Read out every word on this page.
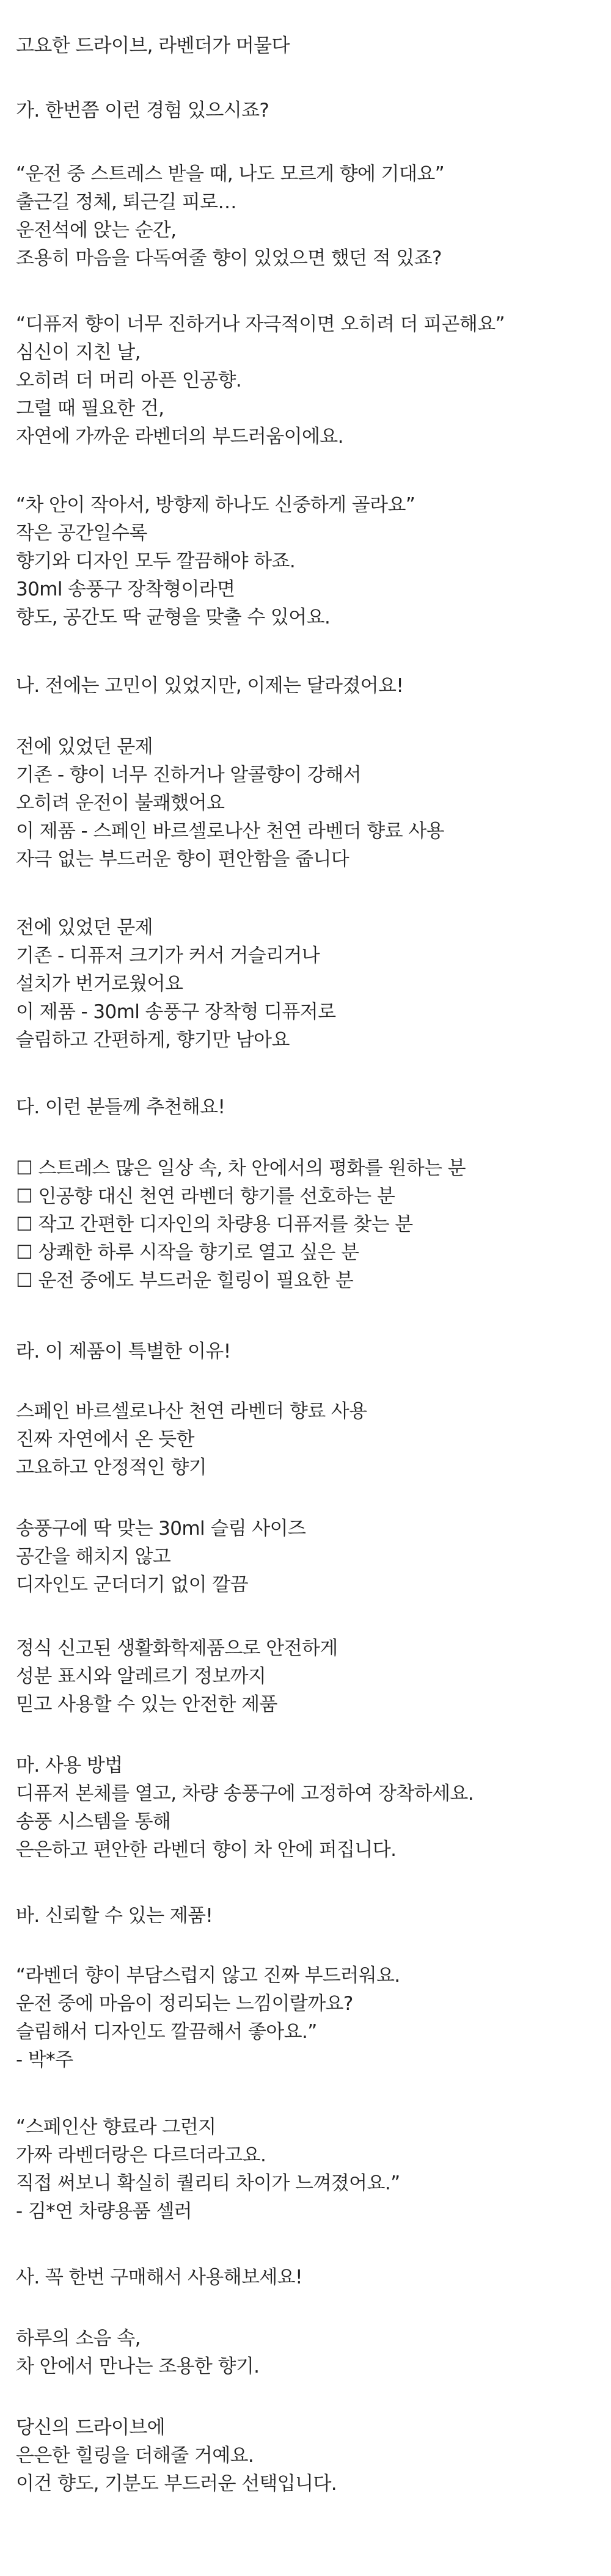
고요한 드라이브, 라벤더가 머물다
가. 한번쯤 이런 경험 있으시죠?
“운전 중 스트레스 받을 때, 나도 모르게 향에 기대요”
출근길 정체, 퇴근길 피로…
운전석에 앉는 순간,
조용히 마음을 다독여줄 향이 있었으면 했던 적 있죠?
“디퓨저 향이 너무 진하거나 자극적이면 오히려 더 피곤해요”
심신이 지친 날,
오히려 더 머리 아픈 인공향.
그럴 때 필요한 건,
자연에 가까운 라벤더의 부드러움이에요.
“차 안이 작아서, 방향제 하나도 신중하게 골라요”
작은 공간일수록
향기와 디자인 모두 깔끔해야 하죠.
30ml 송풍구 장착형이라면
향도, 공간도 딱 균형을 맞출 수 있어요.
나. 전에는 고민이 있었지만, 이제는 달라졌어요!
전에 있었던 문제
기존 - 향이 너무 진하거나 알콜향이 강해서
오히려 운전이 불쾌했어요
이 제품 - 스페인 바르셀로나산 천연 라벤더 향료 사용
자극 없는 부드러운 향이 편안함을 줍니다
전에 있었던 문제
기존 - 디퓨저 크기가 커서 거슬리거나
설치가 번거로웠어요
이 제품 - 30ml 송풍구 장착형 디퓨저로
슬림하고 간편하게, 향기만 남아요
다. 이런 분들께 추천해요!
☐ 스트레스 많은 일상 속, 차 안에서의 평화를 원하는 분
☐ 인공향 대신 천연 라벤더 향기를 선호하는 분
☐ 작고 간편한 디자인의 차량용 디퓨저를 찾는 분
☐ 상쾌한 하루 시작을 향기로 열고 싶은 분
☐ 운전 중에도 부드러운 힐링이 필요한 분
라. 이 제품이 특별한 이유!
스페인 바르셀로나산 천연 라벤더 향료 사용
진짜 자연에서 온 듯한
고요하고 안정적인 향기
송풍구에 딱 맞는 30ml 슬림 사이즈
공간을 해치지 않고
디자인도 군더더기 없이 깔끔
정식 신고된 생활화학제품으로 안전하게
성분 표시와 알레르기 정보까지
믿고 사용할 수 있는 안전한 제품
마. 사용 방법
디퓨저 본체를 열고, 차량 송풍구에 고정하여 장착하세요.
송풍 시스템을 통해
은은하고 편안한 라벤더 향이 차 안에 퍼집니다.
바. 신뢰할 수 있는 제품!
“라벤더 향이 부담스럽지 않고 진짜 부드러워요.
운전 중에 마음이 정리되는 느낌이랄까요?
슬림해서 디자인도 깔끔해서 좋아요.”
- 박*주
“스페인산 향료라 그런지
가짜 라벤더랑은 다르더라고요.
직접 써보니 확실히 퀄리티 차이가 느껴졌어요.”
- 김*연 차량용품 셀러
사. 꼭 한번 구매해서 사용해보세요!
하루의 소음 속,
차 안에서 만나는 조용한 향기.
당신의 드라이브에
은은한 힐링을 더해줄 거예요.
이건 향도, 기분도 부드러운 선택입니다.
